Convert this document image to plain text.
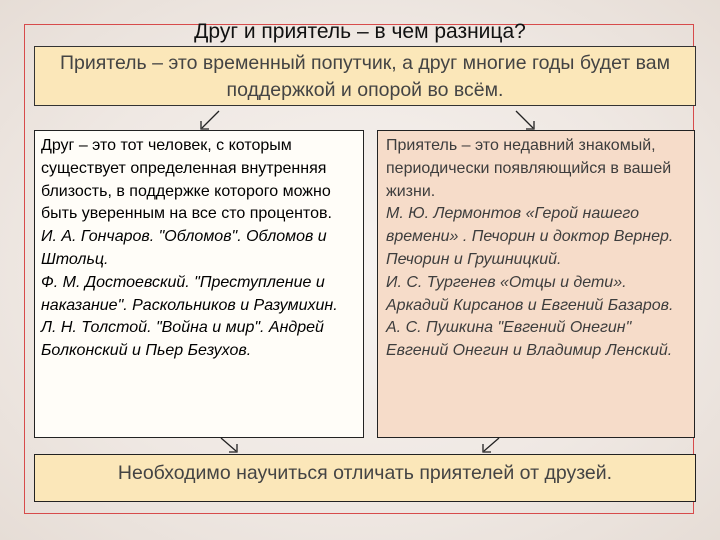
Друг и приятель – в чем разница?

Приятель – это временный попутчик, а друг многие годы будет вам поддержкой и опорой во всём.

Друг – это тот человек, с которым существует определенная внутренняя близость, в поддержке которого можно быть уверенным на все сто процентов.

И. А. Гончаров. "Обломов". Обломов и Штольц.

Ф. М. Достоевский. "Преступление и наказание". Раскольников и Разумихин.

Л. Н. Толстой. "Война и мир". Андрей Болконский и Пьер Безухов.

Приятель – это недавний знакомый, периодически появляющийся в вашей жизни.

М. Ю. Лермонтов «Герой нашего времени» . Печорин и доктор Вернер.

Печорин и Грушницкий.

И. С. Тургенев «Отцы и дети». Аркадий Кирсанов и Евгений Базаров.

А. С. Пушкина "Евгений Онегин" Евгений Онегин и Владимир Ленский.

Необходимо научиться отличать приятелей от друзей.
